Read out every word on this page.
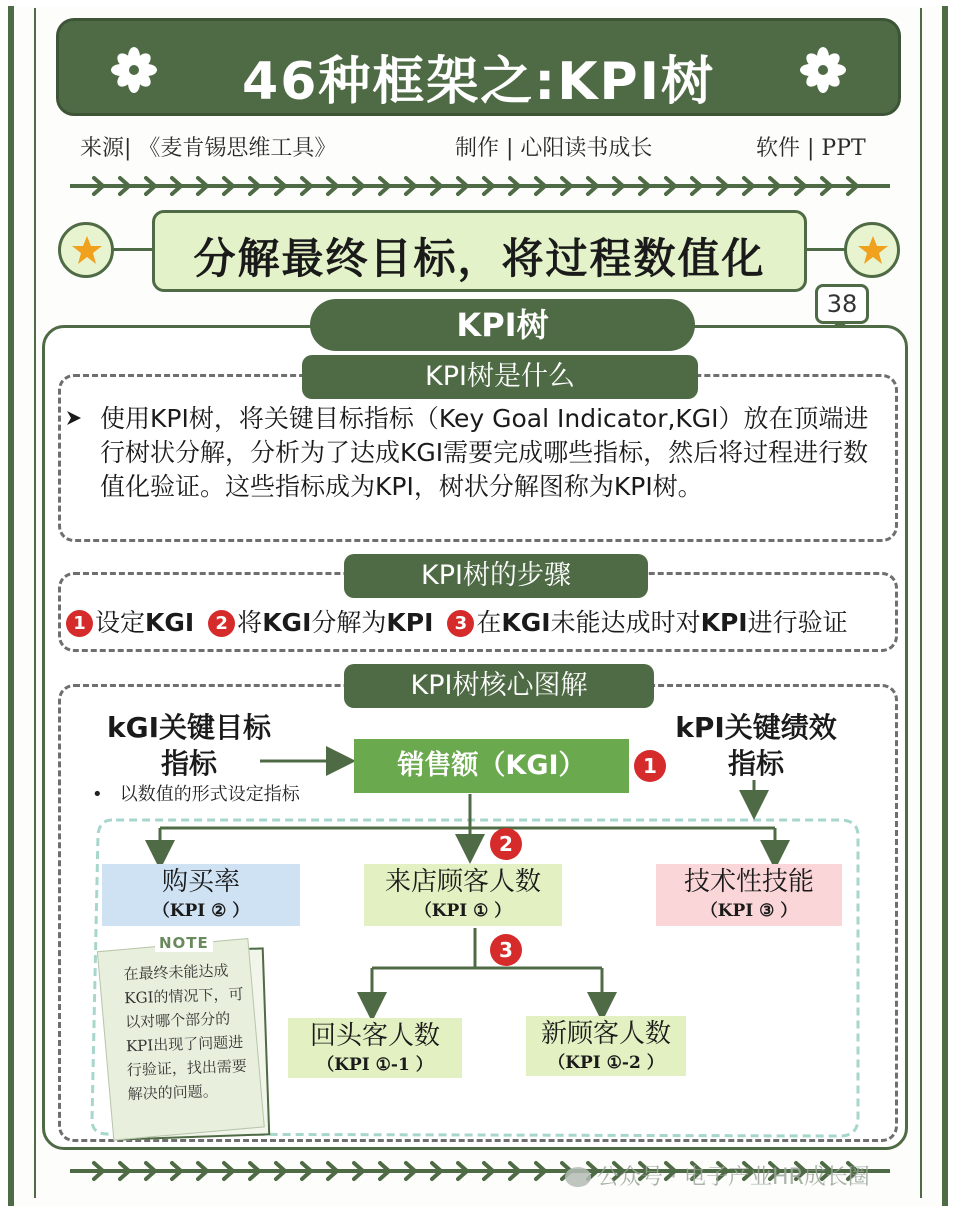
46种框架之:KPI树
来源| 《麦肯锡思维工具》	制作 | 心阳读书成长	软件 | PPT
分解最终目标，将过程数值化
38
KPI树
KPI树是什么
使用KPI树，将关键目标指标（Key Goal Indicator,KGI）放在顶端进行树状分解，分析为了达成KGI需要完成哪些指标，然后将过程进行数值化验证。这些指标成为KPI，树状分解图称为KPI树。
KPI树的步骤
1 设定KGI 2 将KGI分解为KPI 3 在KGI未能达成时对KPI进行验证
KPI树核心图解
kGI关键目标
指标
•   以数值的形式设定指标
kPI关键绩效
指标
销售额（KGI）	1
2
3
购买率
（KPI ② ）
来店顾客人数
（KPI ① ）
技术性技能
（KPI ③ ）
回头客人数
（KPI ①-1 ）
新顾客人数
（KPI ①-2 ）
在最终未能达成KGI的情况下，可以对哪个部分的KPI出现了问题进行验证，找出需要解决的问题。
NOTE
公众号 · 电子产业HR成长圈
